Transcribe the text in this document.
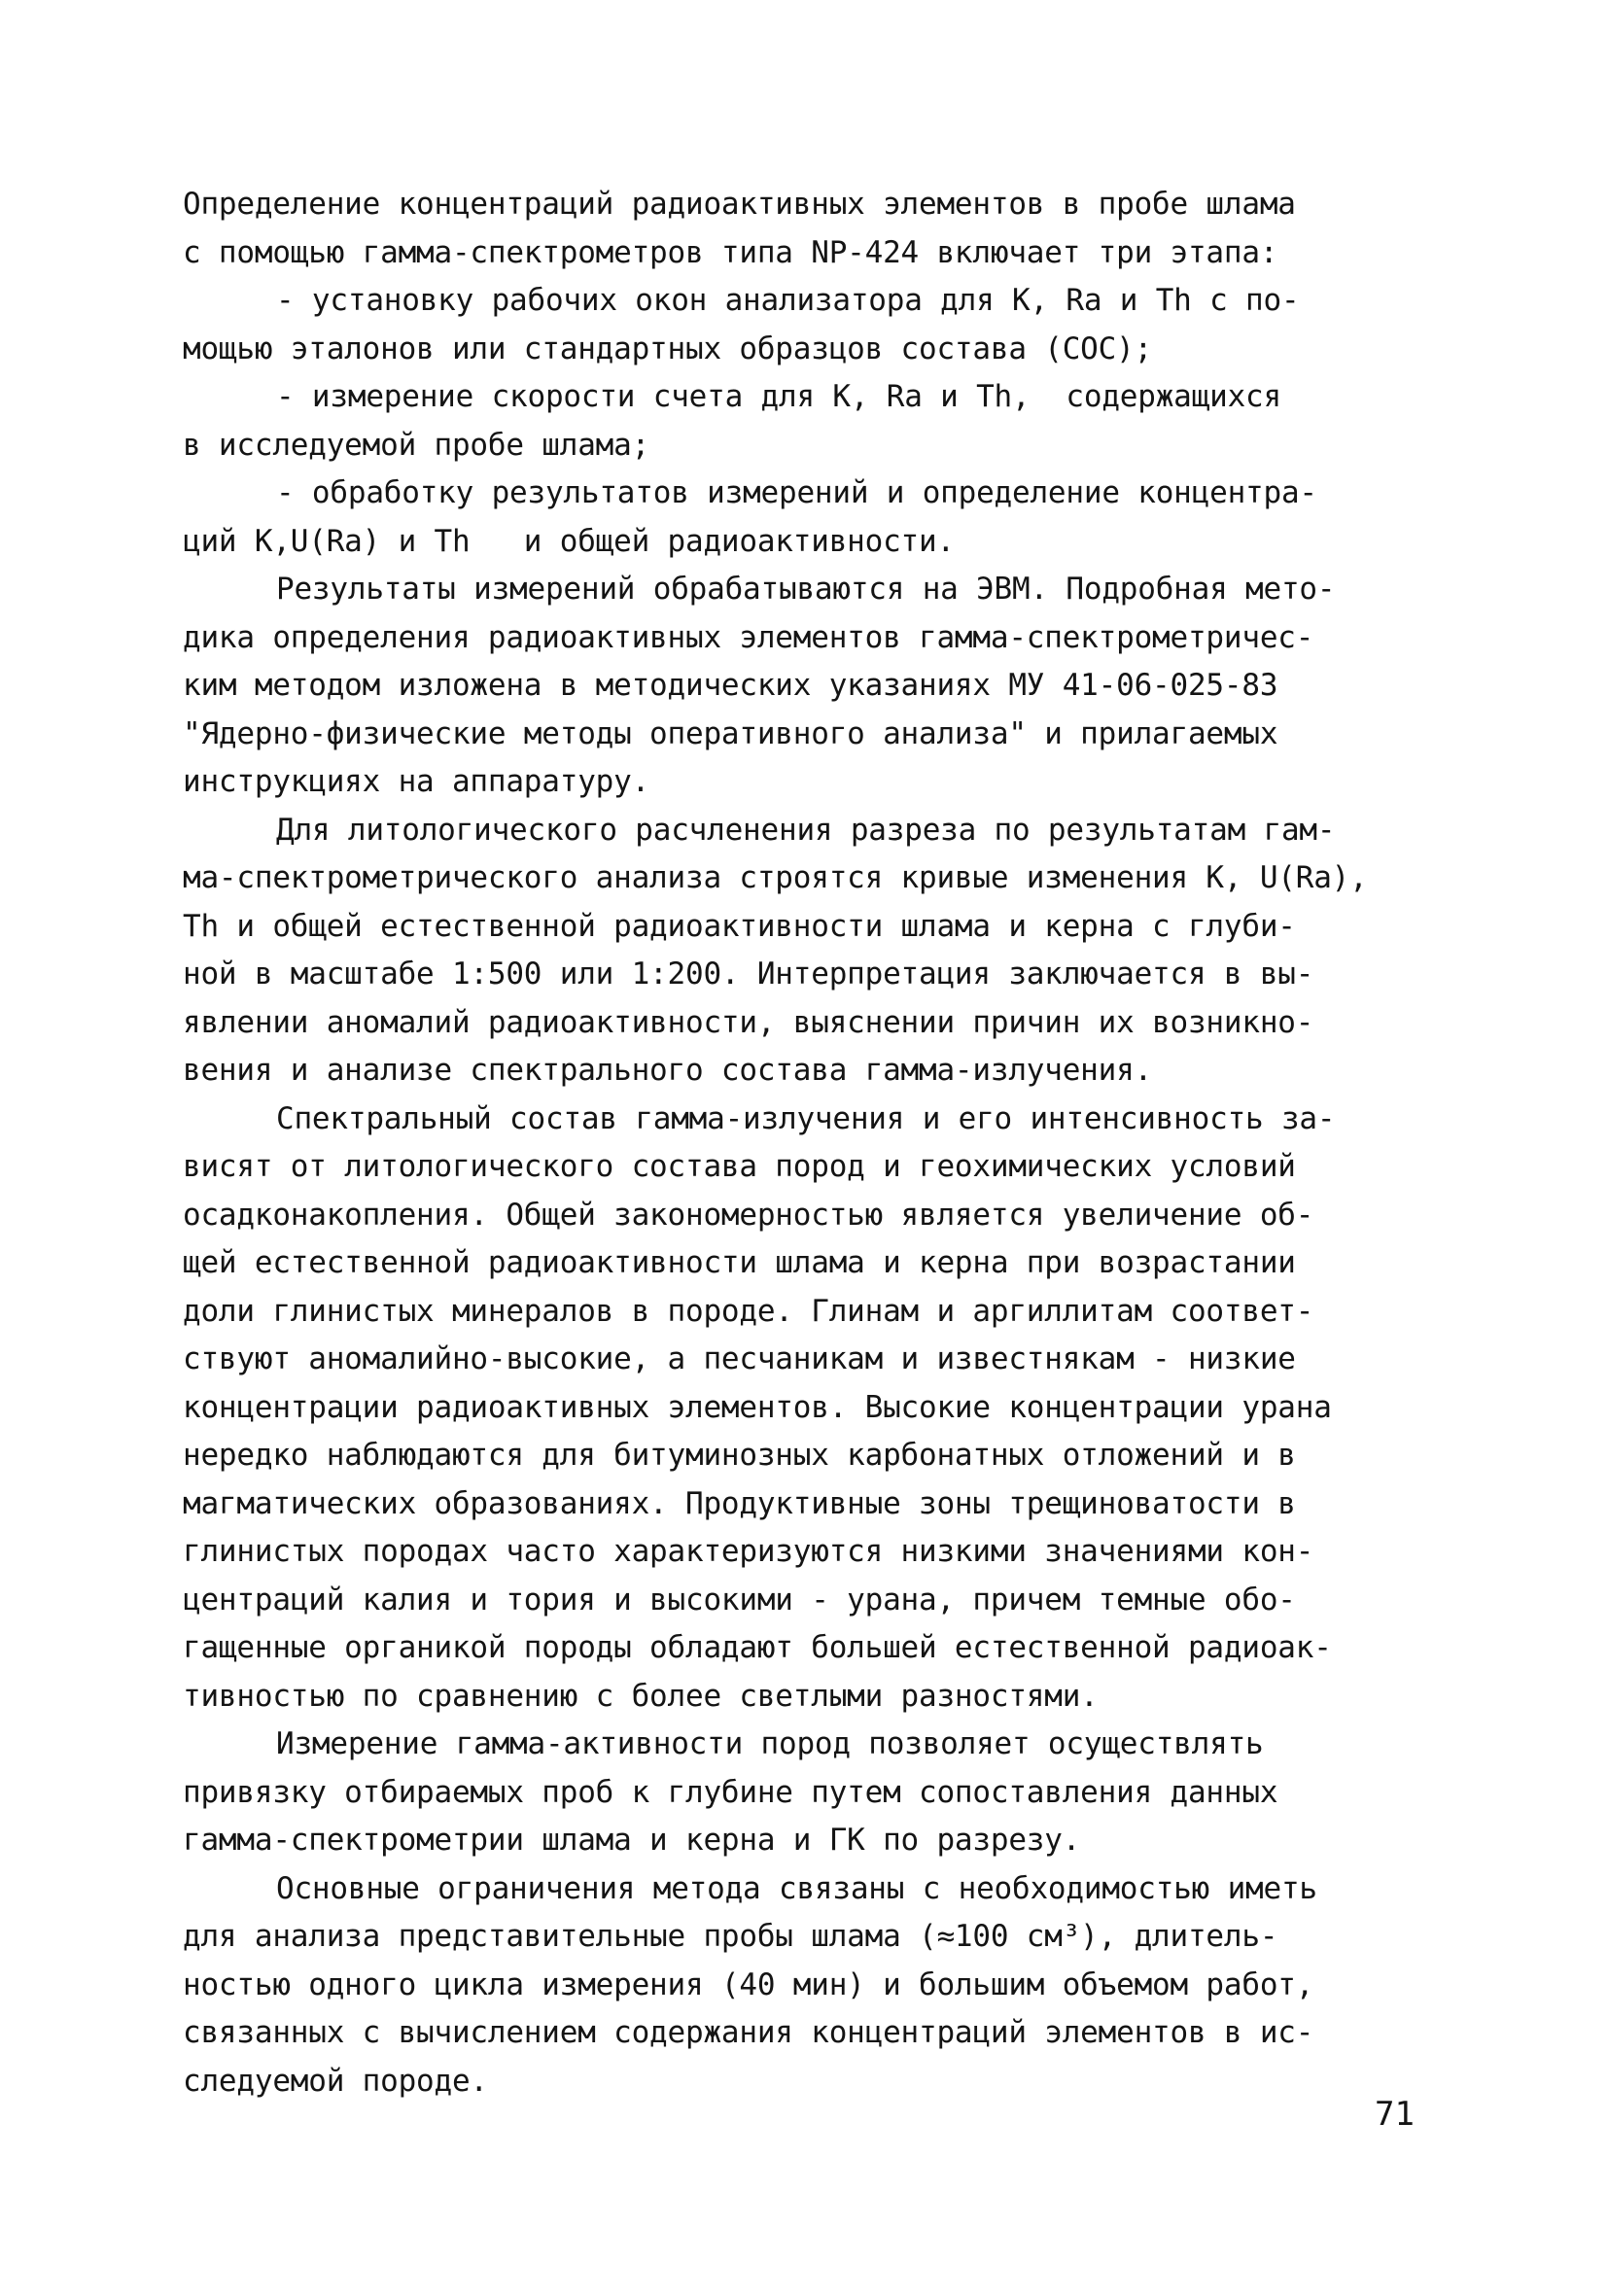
Определение концентраций радиоактивных элементов в пробе шлама
с помощью гамма-спектрометров типа NP-424 включает три этапа:
- установку рабочих окон анализатора для K, Ra и Th с по-
мощью эталонов или стандартных образцов состава (СОС);
- измерение скорости счета для K, Ra и Th,  содержащихся
в исследуемой пробе шлама;
- обработку результатов измерений и определение концентра-
ций K,U(Ra) и Th   и общей радиоактивности.
Результаты измерений обрабатываются на ЭВМ. Подробная мето-
дика определения радиоактивных элементов гамма-спектрометричес-
ким методом изложена в методических указаниях МУ 41-06-025-83
"Ядерно-физические методы оперативного анализа" и прилагаемых
инструкциях на аппаратуру.
Для литологического расчленения разреза по результатам гам-
ма-спектрометрического анализа строятся кривые изменения K, U(Ra),
Th и общей естественной радиоактивности шлама и керна с глуби-
ной в масштабе 1:500 или 1:200. Интерпретация заключается в вы-
явлении аномалий радиоактивности, выяснении причин их возникно-
вения и анализе спектрального состава гамма-излучения.
Спектральный состав гамма-излучения и его интенсивность за-
висят от литологического состава пород и геохимических условий
осадконакопления. Общей закономерностью является увеличение об-
щей естественной радиоактивности шлама и керна при возрастании
доли глинистых минералов в породе. Глинам и аргиллитам соответ-
ствуют аномалийно-высокие, а песчаникам и известнякам - низкие
концентрации радиоактивных элементов. Высокие концентрации урана
нередко наблюдаются для битуминозных карбонатных отложений и в
магматических образованиях. Продуктивные зоны трещиноватости в
глинистых породах часто характеризуются низкими значениями кон-
центраций калия и тория и высокими - урана, причем темные обо-
гащенные органикой породы обладают большей естественной радиоак-
тивностью по сравнению с более светлыми разностями.
Измерение гамма-активности пород позволяет осуществлять
привязку отбираемых проб к глубине путем сопоставления данных
гамма-спектрометрии шлама и керна и ГК по разрезу.
Основные ограничения метода связаны с необходимостью иметь
для анализа представительные пробы шлама (≈100 см³), длитель-
ностью одного цикла измерения (40 мин) и большим объемом работ,
связанных с вычислением содержания концентраций элементов в ис-
следуемой породе.
71
